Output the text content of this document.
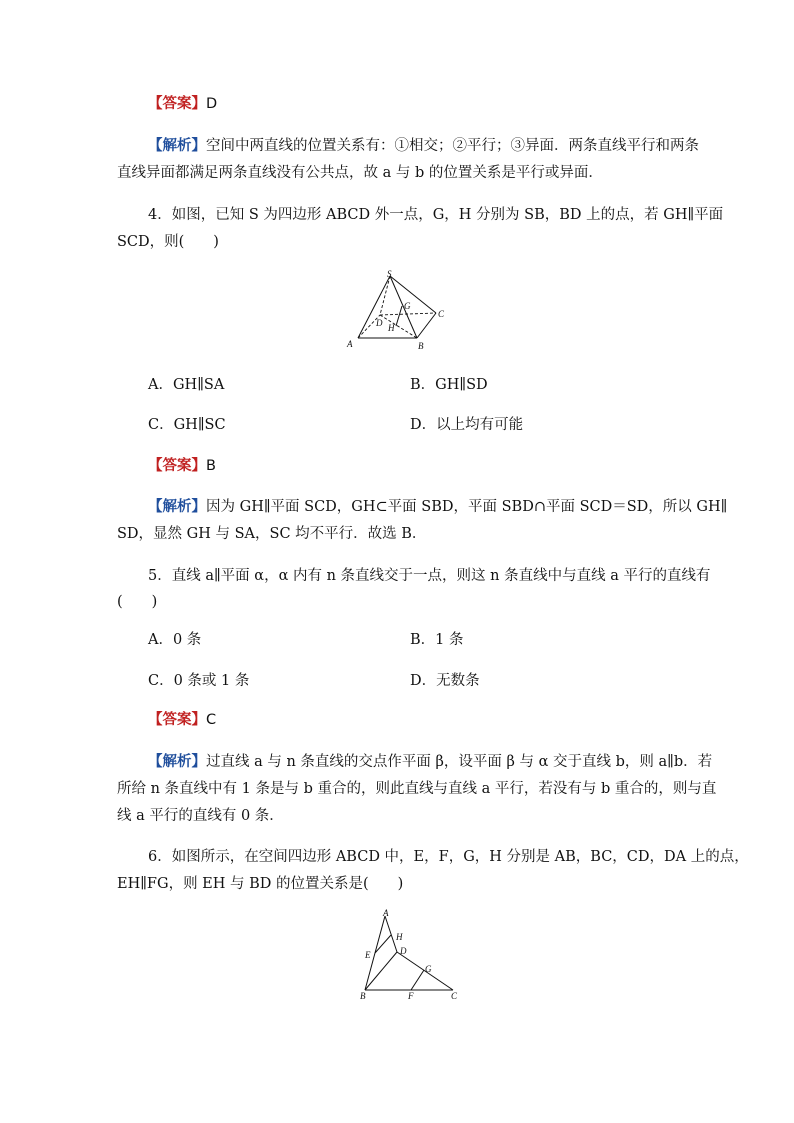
【答案】D
【解析】空间中两直线的位置关系有：①相交；②平行；③异面．两条直线平行和两条
直线异面都满足两条直线没有公共点，故 a 与 b 的位置关系是平行或异面．
4．如图，已知 S 为四边形 ABCD 外一点，G，H 分别为 SB，BD 上的点，若 GH∥平面
SCD，则(　　)
S
G
C
D H
A	B
A．GH∥SA	B．GH∥SD
C．GH∥SC	D．以上均有可能
【答案】B
【解析】因为 GH∥平面 SCD，GH⊂平面 SBD，平面 SBD∩平面 SCD＝SD，所以 GH∥
SD，显然 GH 与 SA，SC 均不平行．故选 B．
5．直线 a∥平面 α，α 内有 n 条直线交于一点，则这 n 条直线中与直线 a 平行的直线有
(　　)
A．0 条	B．1 条
C．0 条或 1 条	D．无数条
【答案】C
【解析】过直线 a 与 n 条直线的交点作平面 β，设平面 β 与 α 交于直线 b，则 a∥b．若
所给 n 条直线中有 1 条是与 b 重合的，则此直线与直线 a 平行，若没有与 b 重合的，则与直
线 a 平行的直线有 0 条．
6．如图所示，在空间四边形 ABCD 中，E，F，G，H 分别是 AB，BC，CD，DA 上的点，
EH∥FG，则 EH 与 BD 的位置关系是(　　)
A
H
E	D
G
B	F	C
